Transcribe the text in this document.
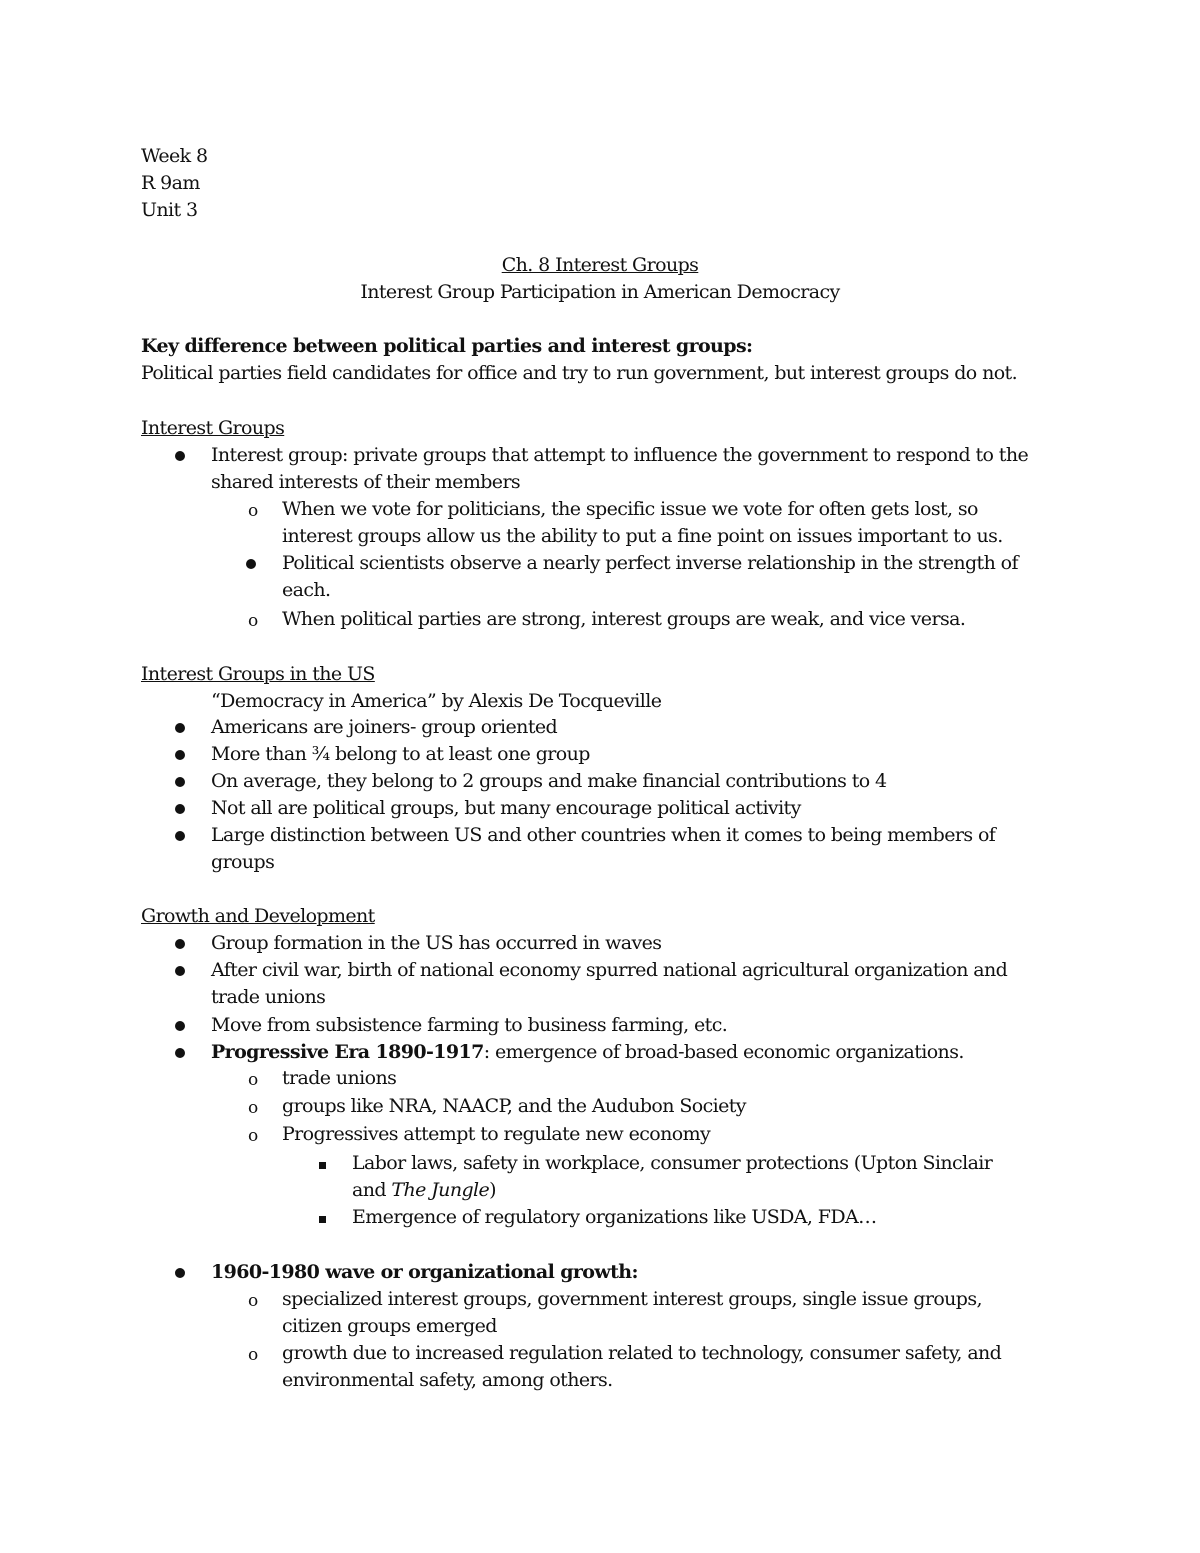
Week 8
R 9am
Unit 3
Ch. 8 Interest Groups
Interest Group Participation in American Democracy
Key difference between political parties and interest groups:
Political parties field candidates for office and try to run government, but interest groups do not.
Interest Groups
Interest group: private groups that attempt to influence the government to respond to the
shared interests of their members
o When we vote for politicians, the specific issue we vote for often gets lost, so
interest groups allow us the ability to put a fine point on issues important to us.
Political scientists observe a nearly perfect inverse relationship in the strength of
each.
o When political parties are strong, interest groups are weak, and vice versa.
Interest Groups in the US
“Democracy in America” by Alexis De Tocqueville
Americans are joiners- group oriented
More than ¾ belong to at least one group
On average, they belong to 2 groups and make financial contributions to 4
Not all are political groups, but many encourage political activity
Large distinction between US and other countries when it comes to being members of
groups
Growth and Development
Group formation in the US has occurred in waves
After civil war, birth of national economy spurred national agricultural organization and
trade unions
Move from subsistence farming to business farming, etc.
Progressive Era 1890-1917: emergence of broad-based economic organizations.
o trade unions
o groups like NRA, NAACP, and the Audubon Society
o Progressives attempt to regulate new economy
Labor laws, safety in workplace, consumer protections (Upton Sinclair
and The Jungle)
Emergence of regulatory organizations like USDA, FDA…
1960-1980 wave or organizational growth:
o specialized interest groups, government interest groups, single issue groups,
citizen groups emerged
o growth due to increased regulation related to technology, consumer safety, and
environmental safety, among others.
